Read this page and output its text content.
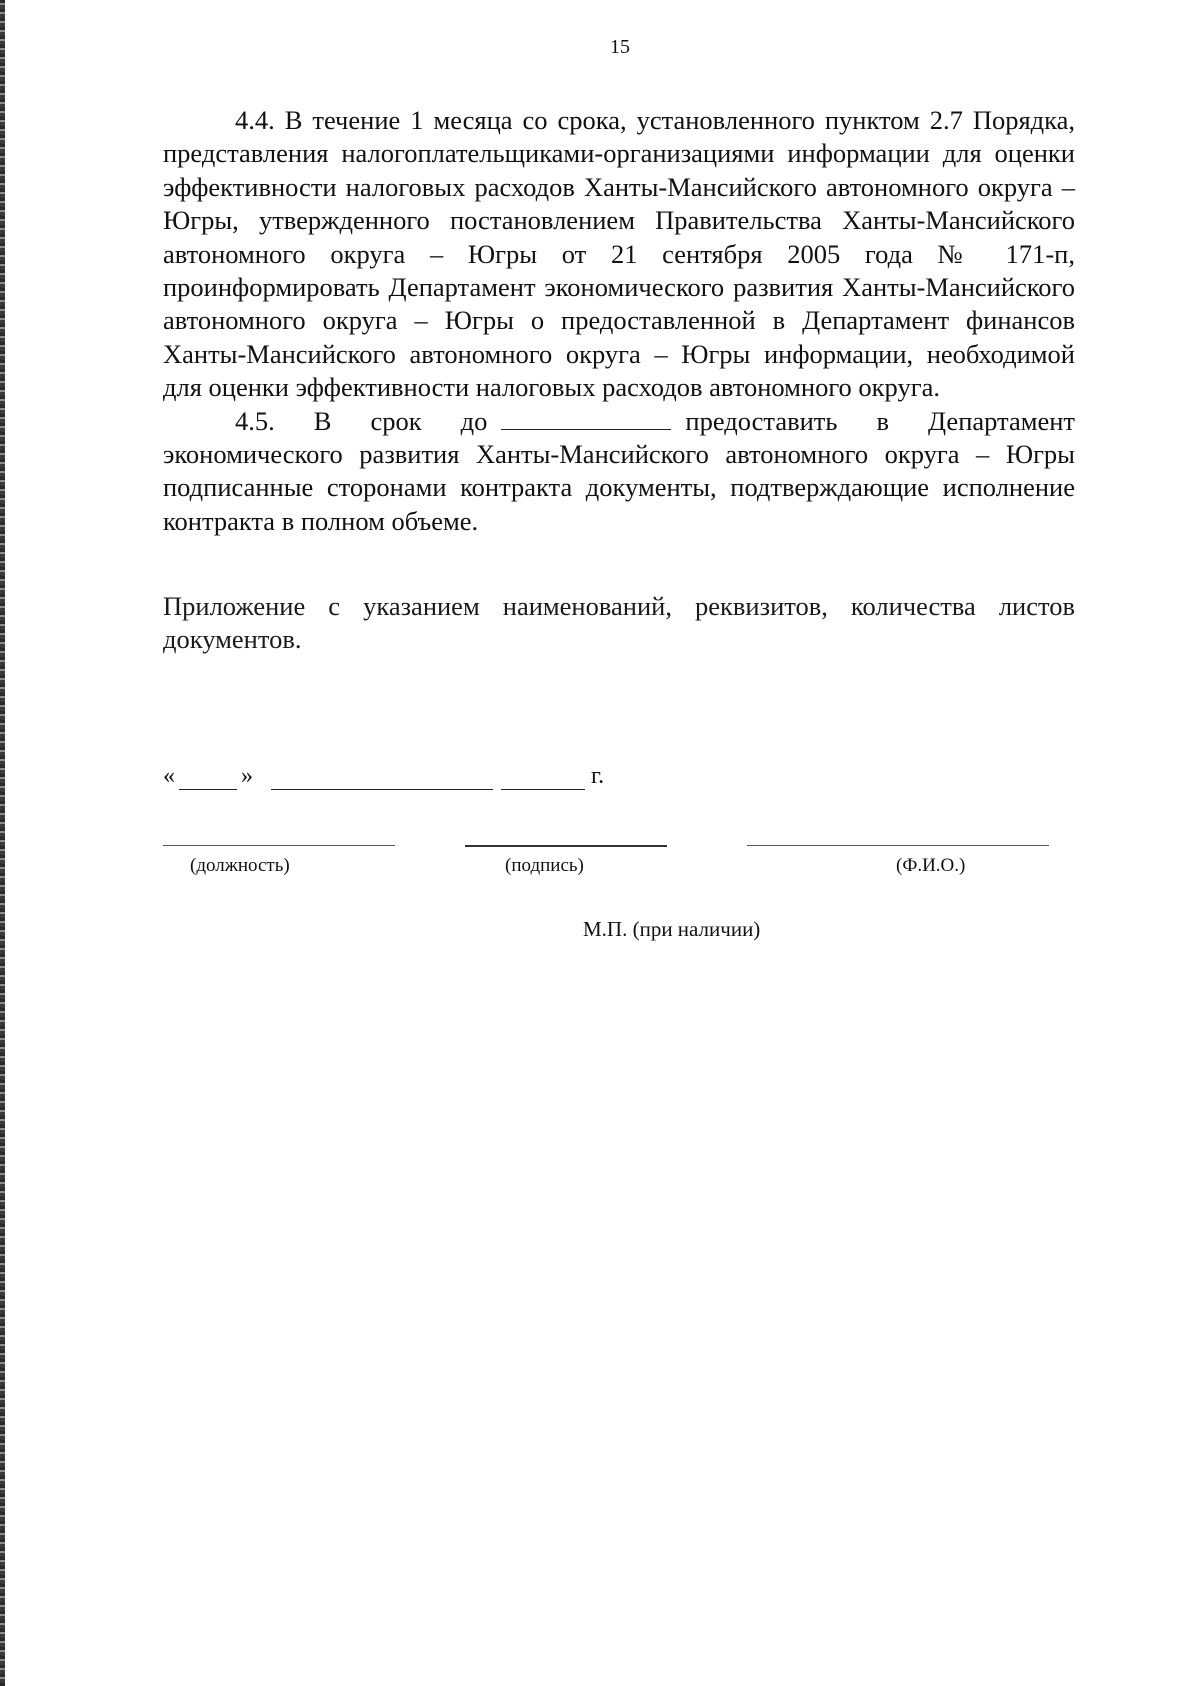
15

4.4. В течение 1 месяца со срока, установленного пунктом 2.7 Порядка, представления налогоплательщиками-организациями информации для оценки эффективности налоговых расходов Ханты-Мансийского автономного округа – Югры, утвержденного постановлением Правительства Ханты-Мансийского автономного округа – Югры от 21 сентября 2005 года № 171-п, проинформировать Департамент экономического развития Ханты-Мансийского автономного округа – Югры о предоставленной в Департамент финансов Ханты-Мансийского автономного округа – Югры информации, необходимой для оценки эффективности налоговых расходов автономного округа.

4.5. В срок до	предоставить в Департамент экономического развития Ханты-Мансийского автономного округа – Югры подписанные сторонами контракта документы, подтверждающие исполнение контракта в полном объеме.

Приложение с указанием наименований, реквизитов, количества листов документов.

«	»	г.
(должность)	(подпись)	(Ф.И.О.)
М.П. (при наличии)
